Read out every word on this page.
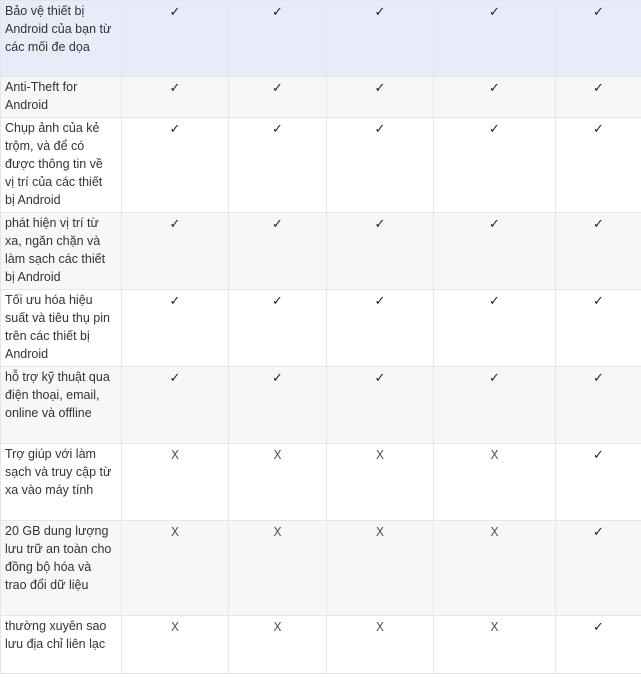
Bảo vệ thiết bị Android của bạn từ các mối đe dọa	✓	✓	✓	✓	✓
Anti-Theft for Android	✓	✓	✓	✓	✓
Chụp ảnh của kẻ trộm, và để có được thông tin về vị trí của các thiết bị Android	✓	✓	✓	✓	✓
phát hiện vị trí từ xa, ngăn chặn và làm sạch các thiết bị Android	✓	✓	✓	✓	✓
Tối ưu hóa hiệu suất và tiêu thụ pin trên các thiết bị Android	✓	✓	✓	✓	✓
hỗ trợ kỹ thuật qua điện thoại, email, online và offline	✓	✓	✓	✓	✓
Trợ giúp với làm sạch và truy cập từ xa vào máy tính	X	X	X	X	✓
20 GB dung lượng lưu trữ an toàn cho đồng bộ hóa và trao đổi dữ liệu	X	X	X	X	✓
thường xuyên sao lưu địa chỉ liên lạc	X	X	X	X	✓
